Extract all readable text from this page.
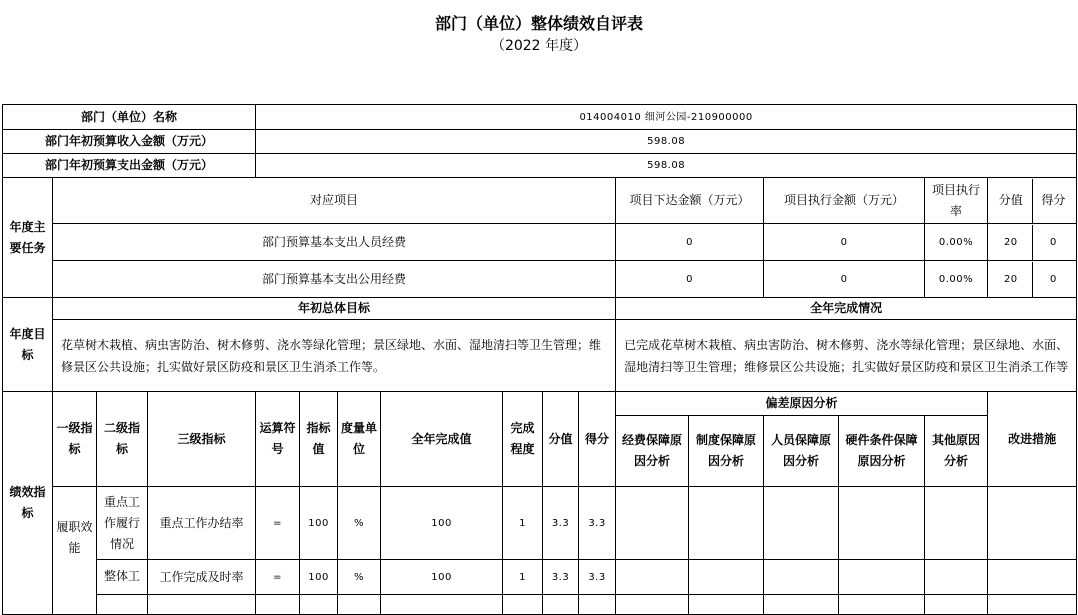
部门（单位）整体绩效自评表
（2022 年度）
部门（单位）名称				014004010 细河公园-210900000												
部门年初预算收入金额（万元）				598.08												
部门年初预算支出金额（万元）				598.08												
年度主要任务	对应项目										项目下达金额（万元）		项目执行金额（万元）		项目执行率	分值 得分

	部门预算基本支出人员经费										0		0		0.00%	20 0

	部门预算基本支出公用经费										0		0		0.00%	20 0

年度目标	年初总体目标										全年完成情况					
	花草树木栽植、病虫害防治、树木修剪、浇水等绿化管理；景区绿地、水面、湿地清扫等卫生管理；维修景区公共设施；扎实做好景区防疫和景区卫生消杀工作等。										已完成花草树木栽植、病虫害防治、树木修剪、浇水等绿化管理；景区绿地、水面、湿地清扫等卫生管理；维修景区公共设施；扎实做好景区防疫和景区卫生消杀工作等					
绩效指标	一级指标	二级指标	三级指标	运算符号	指标值	度量单位	全年完成值	完成程度	分值	得分	偏差原因分析					改进措施
											经费保障原因分析	制度保障原因分析	人员保障原因分析	硬件条件保障原因分析	其他原因分析	
	履职效能	重点工作履行情况	重点工作办结率	=	100	%	100	1	3.3	3.3						
		整体工	工作完成及时率	=	100	%	100	1	3.3	3.3						
